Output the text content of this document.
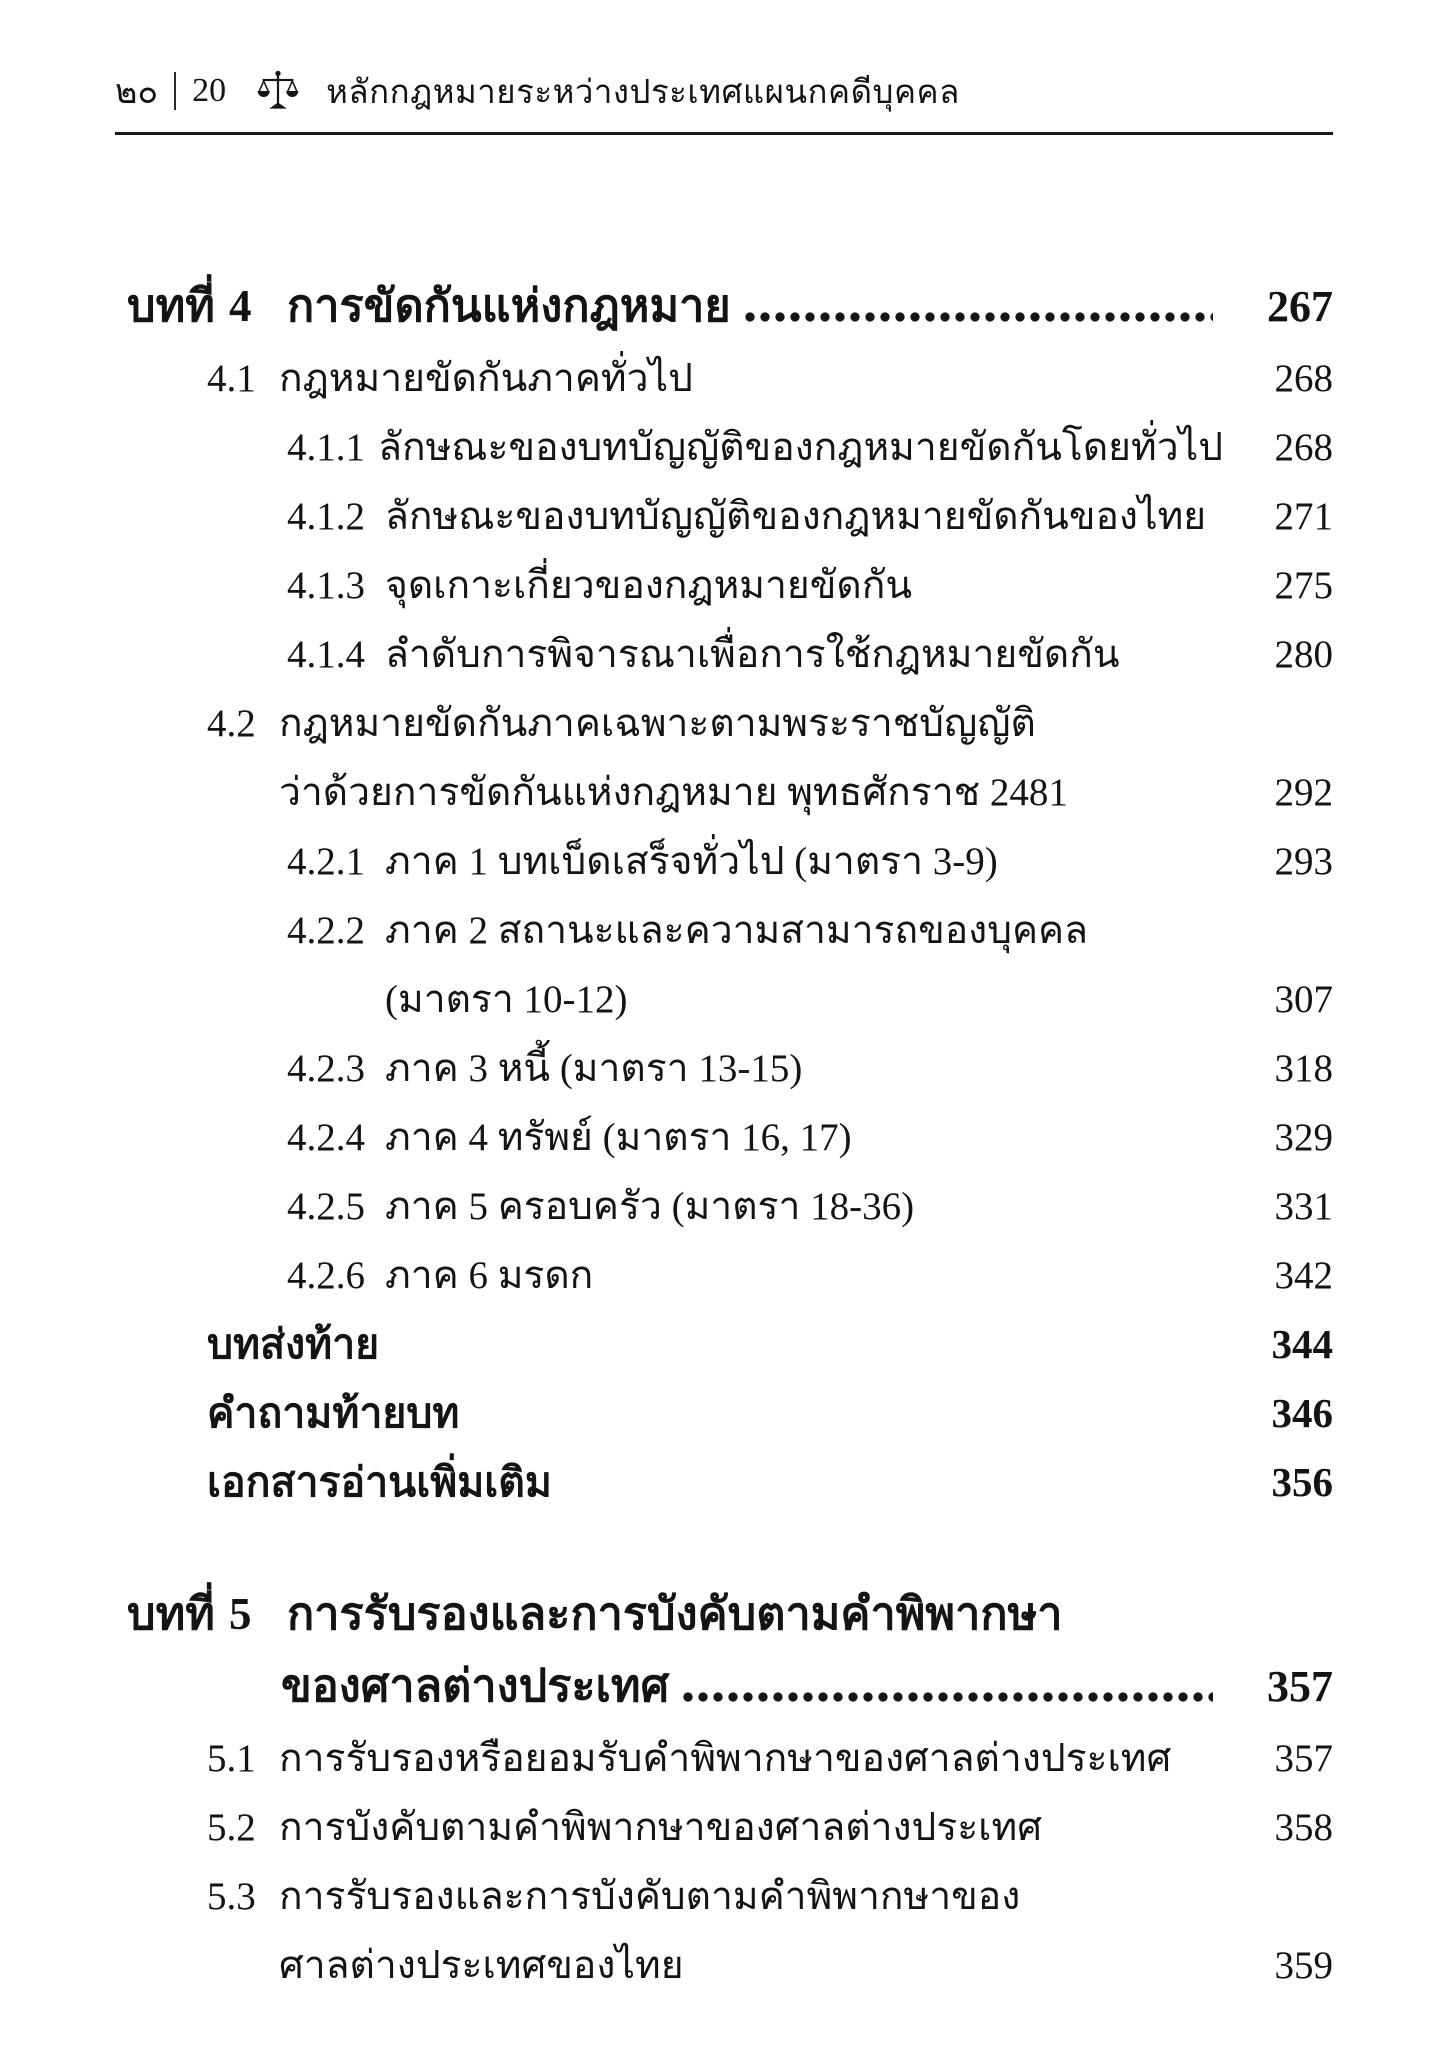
๒๐ 20	หลักกฎหมายระหว่างประเทศแผนกคดีบุคคล
บทที่ 4 การขัดกันแห่งกฎหมาย	267
4.1 กฎหมายขัดกันภาคทั่วไป	268
4.1.1 ลักษณะของบทบัญญัติของกฎหมายขัดกันโดยทั่วไป	268
4.1.2 ลักษณะของบทบัญญัติของกฎหมายขัดกันของไทย	271
4.1.3 จุดเกาะเกี่ยวของกฎหมายขัดกัน	275
4.1.4 ลำดับการพิจารณาเพื่อการใช้กฎหมายขัดกัน	280
4.2 กฎหมายขัดกันภาคเฉพาะตามพระราชบัญญัติ
ว่าด้วยการขัดกันแห่งกฎหมาย พุทธศักราช 2481	292
4.2.1 ภาค 1 บทเบ็ดเสร็จทั่วไป (มาตรา 3-9)	293
4.2.2 ภาค 2 สถานะและความสามารถของบุคคล
(มาตรา 10-12)	307
4.2.3 ภาค 3 หนี้ (มาตรา 13-15)	318
4.2.4 ภาค 4 ทรัพย์ (มาตรา 16, 17)	329
4.2.5 ภาค 5 ครอบครัว (มาตรา 18-36)	331
4.2.6 ภาค 6 มรดก	342
บทส่งท้าย	344
คำถามท้ายบท	346
เอกสารอ่านเพิ่มเติม	356
บทที่ 5 การรับรองและการบังคับตามคำพิพากษา
ของศาลต่างประเทศ	357
5.1 การรับรองหรือยอมรับคำพิพากษาของศาลต่างประเทศ	357
5.2 การบังคับตามคำพิพากษาของศาลต่างประเทศ	358
5.3 การรับรองและการบังคับตามคำพิพากษาของ
ศาลต่างประเทศของไทย	359
